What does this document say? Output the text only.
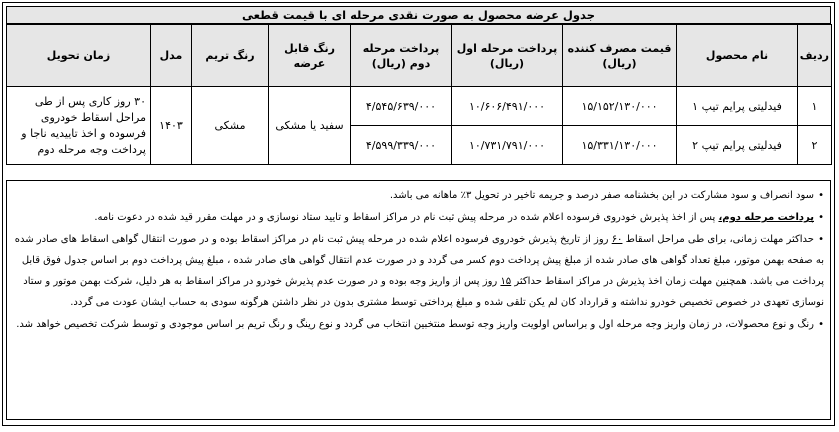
جدول عرضه محصول به صورت نقدی مرحله ای با قیمت قطعی
ردیف	نام محصول	قیمت مصرف کننده (ریال)	پرداخت مرحله اول (ریال)	پرداخت مرحله دوم (ریال)	رنگ قابل عرضه	رنگ تریم	مدل	زمان تحویل
۱	فیدلیتی پرایم تیپ ۱	۱۵/۱۵۲/۱۳۰/۰۰۰	۱۰/۶۰۶/۴۹۱/۰۰۰	۴/۵۴۵/۶۳۹/۰۰۰	سفید یا مشکی	مشکی	۱۴۰۳	۳۰ روز کاری پس از طی مراحل اسقاط خودروی فرسوده و اخذ تاییدیه ناجا و پرداخت وجه مرحله دوم
۲	فیدلیتی پرایم تیپ ۲	۱۵/۳۳۱/۱۳۰/۰۰۰	۱۰/۷۳۱/۷۹۱/۰۰۰	۴/۵۹۹/۳۳۹/۰۰۰				
•سود انصراف و سود مشارکت در این بخشنامه صفر درصد و جریمه تاخیر در تحویل ۳٪ ماهانه می باشد.
•پرداخت مرحله دوم، پس از اخذ پذیرش خودروی فرسوده اعلام شده در مرحله پیش ثبت نام در مراکز اسقاط و تایید ستاد نوسازی و در مهلت مقرر قید شده در دعوت نامه.
•حداکثر مهلت زمانی، برای طی مراحل اسقاط ۶۰ روز از تاریخ پذیرش خودروی فرسوده اعلام شده در مرحله پیش ثبت نام در مراکز اسقاط بوده و در صورت انتقال گواهی اسقاط های صادر شده به صفحه بهمن موتور، مبلغ تعداد گواهی های صادر شده از مبلغ پیش پرداخت دوم کسر می گردد و در صورت عدم انتقال گواهی های صادر شده ، مبلغ پیش پرداخت دوم بر اساس جدول فوق قابل پرداخت می باشد. همچنین مهلت زمان اخذ پذیرش در مراکز اسقاط حداکثر ۱۵ روز پس از واریز وجه بوده و در صورت عدم پذیرش خودرو در مراکز اسقاط به هر دلیل، شرکت بهمن موتور و ستاد نوسازی تعهدی در خصوص تخصیص خودرو نداشته و قرارداد کان لم یکن تلقی شده و مبلغ پرداختی توسط مشتری بدون در نظر داشتن هرگونه سودی به حساب ایشان عودت می گردد.
•رنگ و نوع محصولات، در زمان واریز وجه مرحله اول و براساس اولویت واریز وجه توسط منتخبین انتخاب می گردد و نوع رینگ و رنگ تریم بر اساس موجودی و توسط شرکت تخصیص خواهد شد.
